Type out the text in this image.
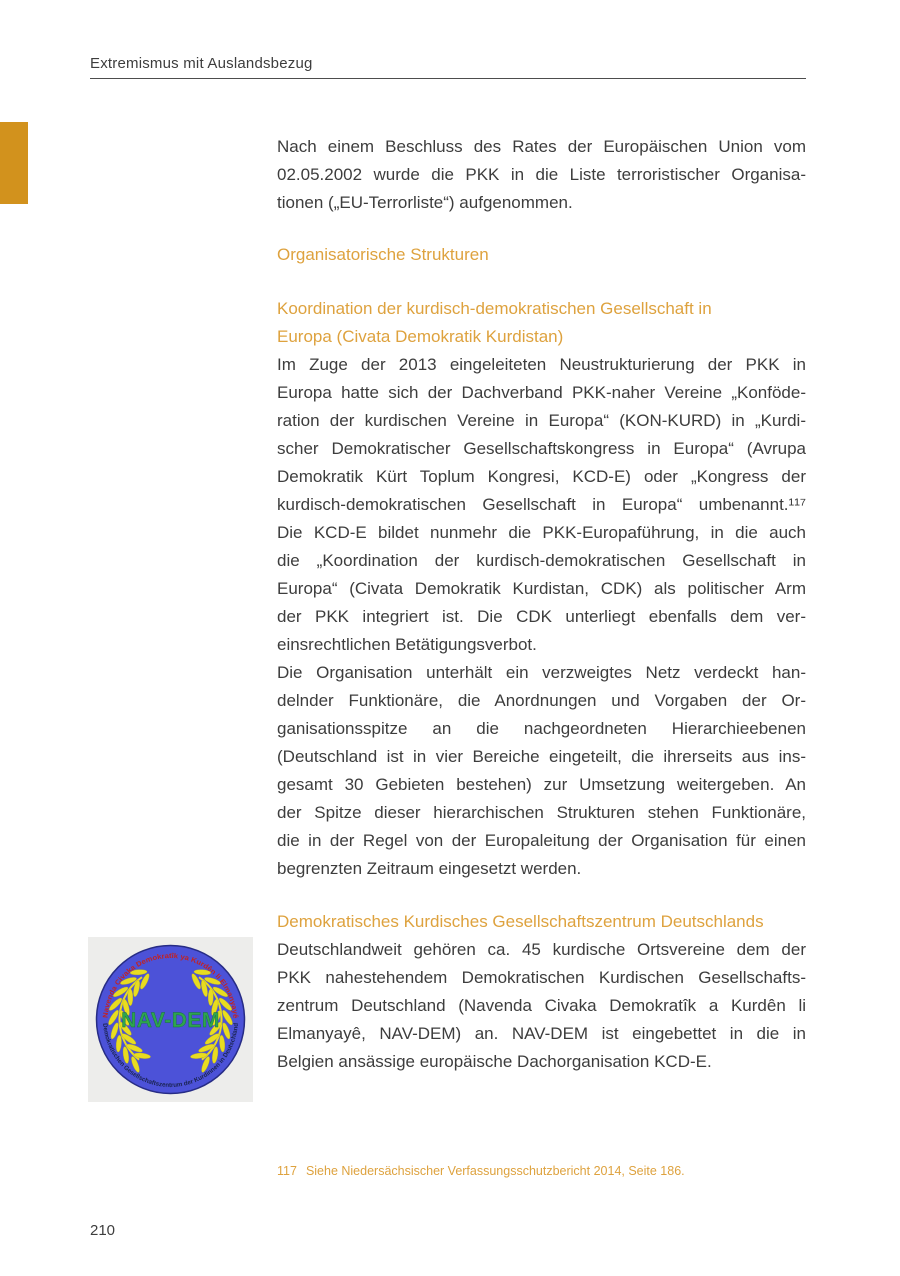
Extremismus mit Auslandsbezug
Nach einem Beschluss des Rates der Europäischen Union vom
02.05.2002 wurde die PKK in die Liste terroristischer Organisa-
tionen („EU-Terrorliste“) aufgenommen.
Organisatorische Strukturen
Koordination der kurdisch-demokratischen Gesellschaft in
Europa (Civata Demokratik Kurdistan)
Im Zuge der 2013 eingeleiteten Neustrukturierung der PKK in
Europa hatte sich der Dachverband PKK-naher Vereine „Konföde-
ration der kurdischen Vereine in Europa“ (KON-KURD) in „Kurdi-
scher Demokratischer Gesellschaftskongress in Europa“ (Avrupa
Demokratik Kürt Toplum Kongresi, KCD-E) oder „Kongress der
kurdisch-demokratischen Gesellschaft in Europa“ umbenannt.¹¹⁷
Die KCD-E bildet nunmehr die PKK-Europaführung, in die auch
die „Koordination der kurdisch-demokratischen Gesellschaft in
Europa“ (Civata Demokratik Kurdistan, CDK) als politischer Arm
der PKK integriert ist. Die CDK unterliegt ebenfalls dem ver-
einsrechtlichen Betätigungsverbot.
Die Organisation unterhält ein verzweigtes Netz verdeckt han-
delnder Funktionäre, die Anordnungen und Vorgaben der Or-
ganisationsspitze an die nachgeordneten Hierarchieebenen
(Deutschland ist in vier Bereiche eingeteilt, die ihrerseits aus ins-
gesamt 30 Gebieten bestehen) zur Umsetzung weitergeben. An
der Spitze dieser hierarchischen Strukturen stehen Funktionäre,
die in der Regel von der Europaleitung der Organisation für einen
begrenzten Zeitraum eingesetzt werden.
Demokratisches Kurdisches Gesellschaftszentrum Deutschlands
Deutschlandweit gehören ca. 45 kurdische Ortsvereine dem der
PKK nahestehendem Demokratischen Kurdischen Gesellschafts-
zentrum Deutschland (Navenda Civaka Demokratîk a Kurdên li
Elmanyayê, NAV-DEM) an. NAV-DEM ist eingebettet in die in
Belgien ansässige europäische Dachorganisation KCD-E.
Navenda Civaka Demokratîk ya Kurdên li Elmanyayê
Demokratischen Gesellschaftszentrum der Kurdinnen in Deutschland
NAV-DEM
117 Siehe Niedersächsischer Verfassungsschutzbericht 2014, Seite 186.
210
